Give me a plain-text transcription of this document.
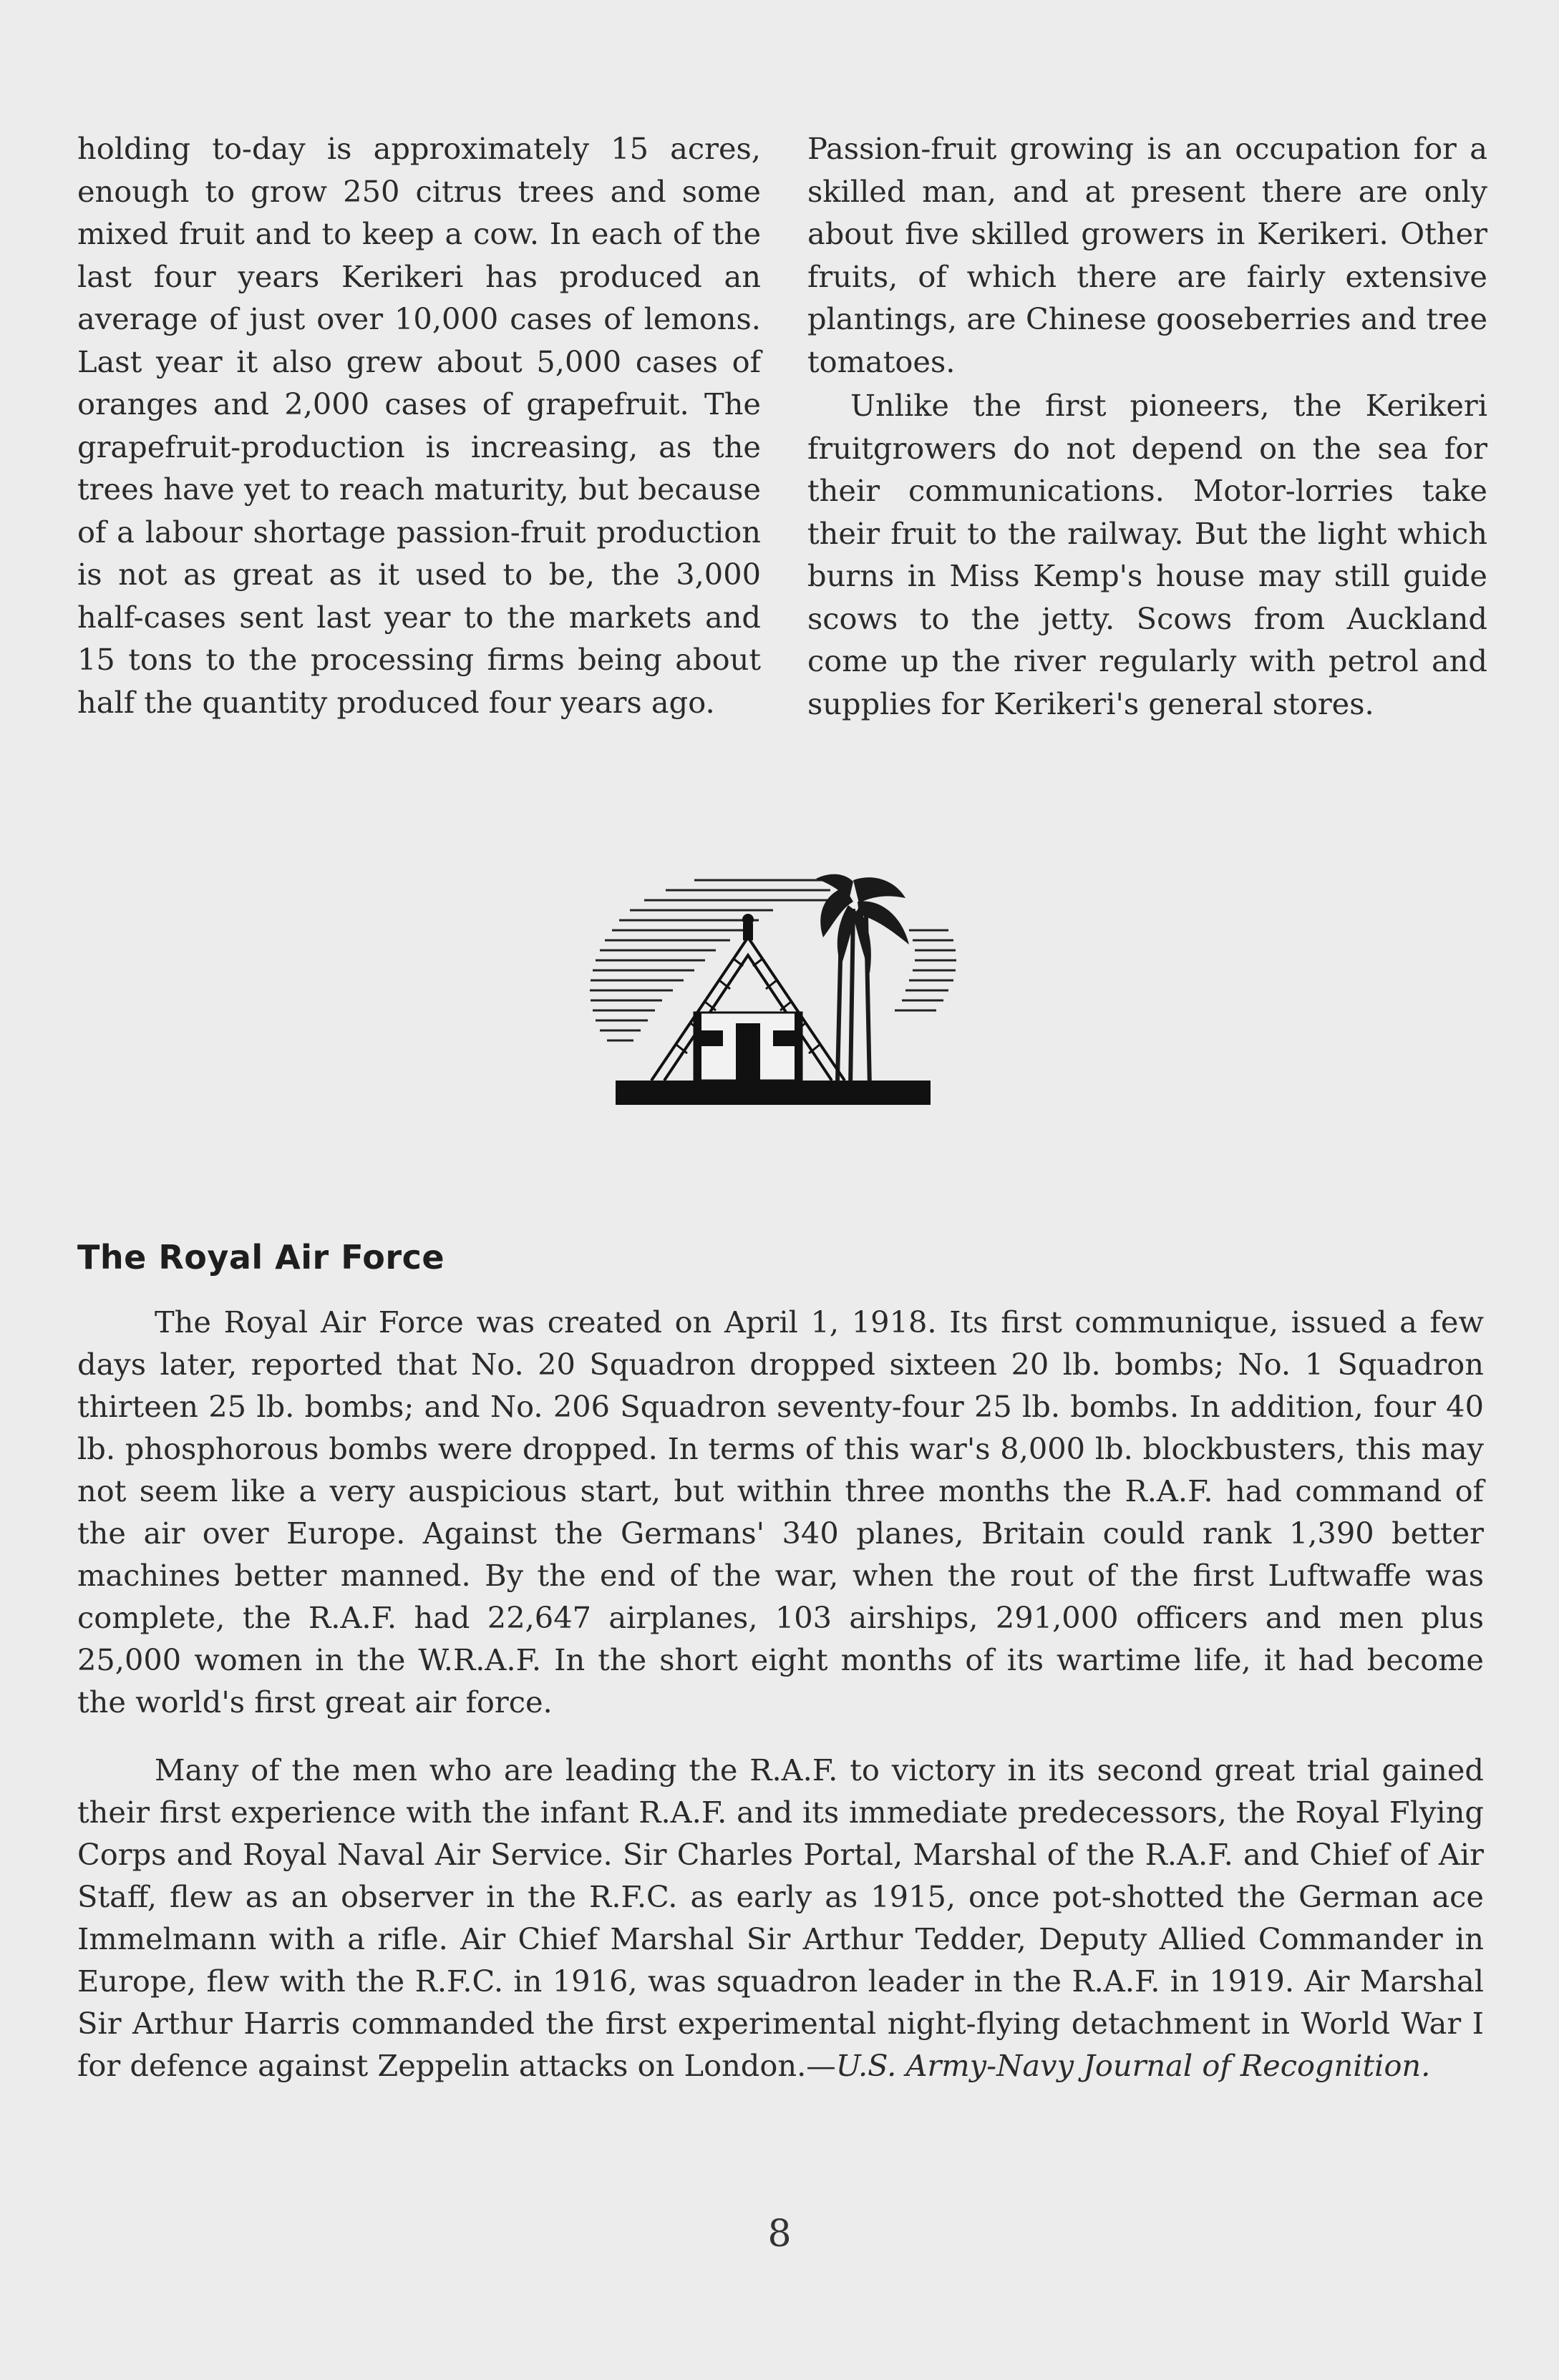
holding to-day is approximately 15 acres, enough to grow 250 citrus trees and some mixed fruit and to keep a cow. In each of the last four years Kerikeri has produced an average of just over 10,000 cases of lemons. Last year it also grew about 5,000 cases of oranges and 2,000 cases of grapefruit. The grapefruit-production is increasing, as the trees have yet to reach maturity, but because of a labour shortage passion-fruit production is not as great as it used to be, the 3,000 half-cases sent last year to the markets and 15 tons to the processing firms being about half the quantity produced four years ago.

Passion-fruit growing is an occupation for a skilled man, and at present there are only about five skilled growers in Kerikeri. Other fruits, of which there are fairly extensive plantings, are Chinese gooseberries and tree tomatoes.

Unlike the first pioneers, the Kerikeri fruitgrowers do not depend on the sea for their communications. Motor-lorries take their fruit to the railway. But the light which burns in Miss Kemp's house may still guide scows to the jetty. Scows from Auckland come up the river regularly with petrol and supplies for Kerikeri's general stores.

The Royal Air Force

The Royal Air Force was created on April 1, 1918. Its first communique, issued a few days later, reported that No. 20 Squadron dropped sixteen 20 lb. bombs; No. 1 Squadron thirteen 25 lb. bombs; and No. 206 Squadron seventy-four 25 lb. bombs. In addition, four 40 lb. phosphorous bombs were dropped. In terms of this war's 8,000 lb. blockbusters, this may not seem like a very auspicious start, but within three months the R.A.F. had command of the air over Europe. Against the Germans' 340 planes, Britain could rank 1,390 better machines better manned. By the end of the war, when the rout of the first Luftwaffe was complete, the R.A.F. had 22,647 airplanes, 103 airships, 291,000 officers and men plus 25,000 women in the W.R.A.F. In the short eight months of its wartime life, it had become the world's first great air force.

Many of the men who are leading the R.A.F. to victory in its second great trial gained their first experience with the infant R.A.F. and its immediate predecessors, the Royal Flying Corps and Royal Naval Air Service. Sir Charles Portal, Marshal of the R.A.F. and Chief of Air Staff, flew as an observer in the R.F.C. as early as 1915, once pot-shotted the German ace Immelmann with a rifle. Air Chief Marshal Sir Arthur Tedder, Deputy Allied Commander in Europe, flew with the R.F.C. in 1916, was squadron leader in the R.A.F. in 1919. Air Marshal Sir Arthur Harris commanded the first experimental night-flying detachment in World War I for defence against Zeppelin attacks on London.—U.S. Army-Navy Journal of Recognition.

8
